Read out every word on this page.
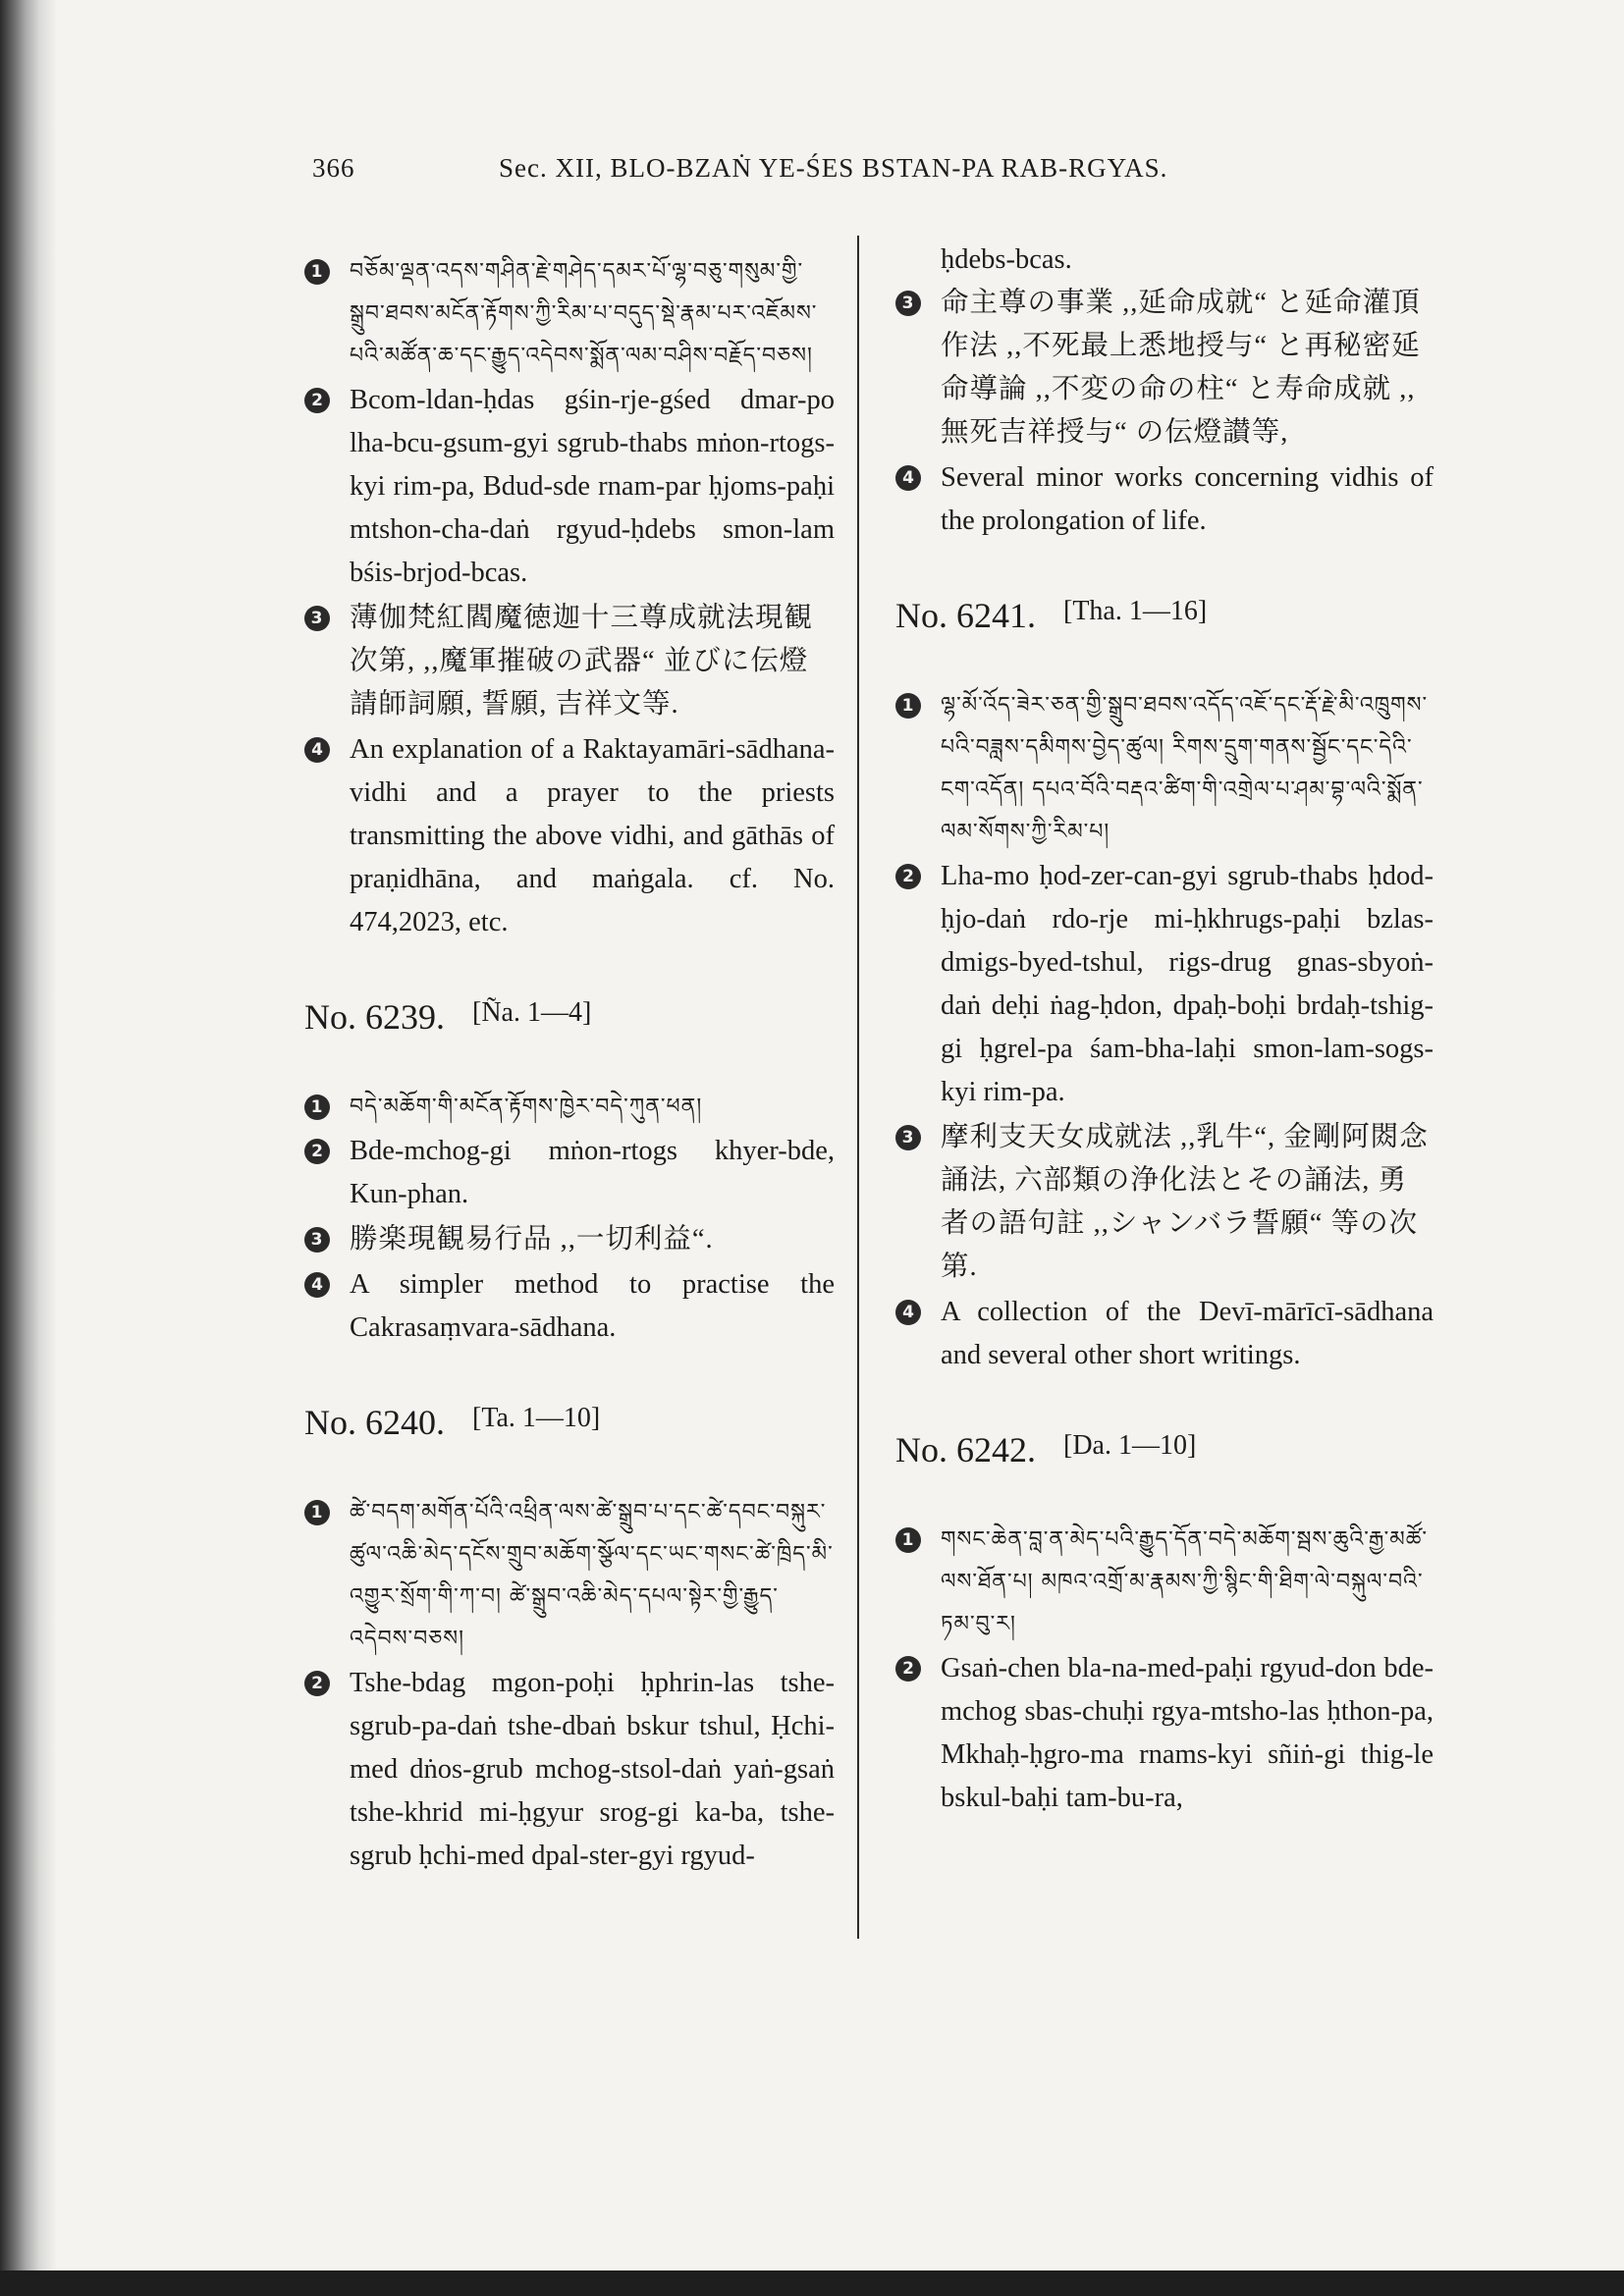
366	Sec. XII, BLO-BZAṄ YE-ŚES BSTAN-PA RAB-RGYAS.
1 བཅོམ་ལྡན་འདས་གཤིན་རྗེ་གཤེད་དམར་པོ་ལྷ་བཅུ་གསུམ་གྱི་སྒྲུབ་ཐབས་མངོན་རྟོགས་ཀྱི་རིམ་པ་བདུད་སྡེ་རྣམ་པར་འཇོམས་པའི་མཚོན་ཆ་དང་རྒྱུད་འདེབས་སྨོན་ལམ་བཤིས་བརྗོད་བཅས།
2 Bcom-ldan-ḥdas gśin-rje-gśed dmar-po lha-bcu-gsum-gyi sgrub-thabs mṅon-rtogs-kyi rim-pa, Bdud-sde rnam-par ḥjoms-paḥi mtshon-cha-daṅ rgyud-ḥdebs smon-lam bśis-brjod-bcas.
3 薄伽梵紅閻魔徳迦十三尊成就法現観次第, ,,魔軍摧破の武器“ 並びに伝燈請師詞願, 誓願, 吉祥文等.
4 An explanation of a Raktayamāri-sādhana-vidhi and a prayer to the priests transmitting the above vidhi, and gāthās of praṇidhāna, and maṅgala. cf. No. 474,2023, etc.
No. 6239. [Ña. 1—4]
1 བདེ་མཆོག་གི་མངོན་རྟོགས་ཁྱེར་བདེ་ཀུན་ཕན།
2 Bde-mchog-gi mṅon-rtogs khyer-bde, Kun-phan.
3 勝楽現観易行品 ,,一切利益“.
4 A simpler method to practise the Cakrasaṃvara-sādhana.
No. 6240. [Ta. 1—10]
1 ཚེ་བདག་མགོན་པོའི་འཕྲིན་ལས་ཚེ་སྒྲུབ་པ་དང་ཚེ་དབང་བསྐུར་ཚུལ་འཆི་མེད་དངོས་གྲུབ་མཆོག་སྩོལ་དང་ཡང་གསང་ཚེ་ཁྲིད་མི་འགྱུར་སྲོག་གི་ཀ་བ། ཚེ་སྒྲུབ་འཆི་མེད་དཔལ་སྟེར་གྱི་རྒྱུད་འདེབས་བཅས།
2 Tshe-bdag mgon-poḥi ḥphrin-las tshe-sgrub-pa-daṅ tshe-dbaṅ bskur tshul, Ḥchi-med dṅos-grub mchog-stsol-daṅ yaṅ-gsaṅ tshe-khrid mi-ḥgyur srog-gi ka-ba, tshe-sgrub ḥchi-med dpal-ster-gyi rgyud-
ḥdebs-bcas.
3 命主尊の事業 ,,延命成就“ と延命灌頂作法 ,,不死最上悉地授与“ と再秘密延命導論 ,,不変の命の柱“ と寿命成就 ,,無死吉祥授与“ の伝燈讃等,
4 Several minor works concerning vidhis of the prolongation of life.
No. 6241. [Tha. 1—16]
1 ལྷ་མོ་འོད་ཟེར་ཅན་གྱི་སྒྲུབ་ཐབས་འདོད་འཇོ་དང་རྡོ་རྗེ་མི་འཁྲུགས་པའི་བཟླས་དམིགས་བྱེད་ཚུལ། རིགས་དྲུག་གནས་སྦྱོང་དང་དེའི་ངག་འདོན། དཔའ་བོའི་བརྡའ་ཚིག་གི་འགྲེལ་པ་ཤམ་བྷ་ལའི་སྨོན་ལམ་སོགས་ཀྱི་རིམ་པ།
2 Lha-mo ḥod-zer-can-gyi sgrub-thabs ḥdod-ḥjo-daṅ rdo-rje mi-ḥkhrugs-paḥi bzlas-dmigs-byed-tshul, rigs-drug gnas-sbyoṅ-daṅ deḥi ṅag-ḥdon, dpaḥ-boḥi brdaḥ-tshig-gi ḥgrel-pa śam-bha-laḥi smon-lam-sogs-kyi rim-pa.
3 摩利支天女成就法 ,,乳牛“, 金剛阿閦念誦法, 六部類の浄化法とその誦法, 勇者の語句註 ,,シャンバラ誓願“ 等の次第.
4 A collection of the Devī-mārīcī-sādhana and several other short writings.
No. 6242. [Da. 1—10]
1 གསང་ཆེན་བླ་ན་མེད་པའི་རྒྱུད་དོན་བདེ་མཆོག་སྦས་ཆུའི་རྒྱ་མཚོ་ལས་ཐོན་པ། མཁའ་འགྲོ་མ་རྣམས་ཀྱི་སྙིང་གི་ཐིག་ལེ་བསྐུལ་བའི་ཏམ་བུ་ར།
2 Gsaṅ-chen bla-na-med-paḥi rgyud-don bde-mchog sbas-chuḥi rgya-mtsho-las ḥthon-pa, Mkhaḥ-ḥgro-ma rnams-kyi sñiṅ-gi thig-le bskul-baḥi tam-bu-ra,
